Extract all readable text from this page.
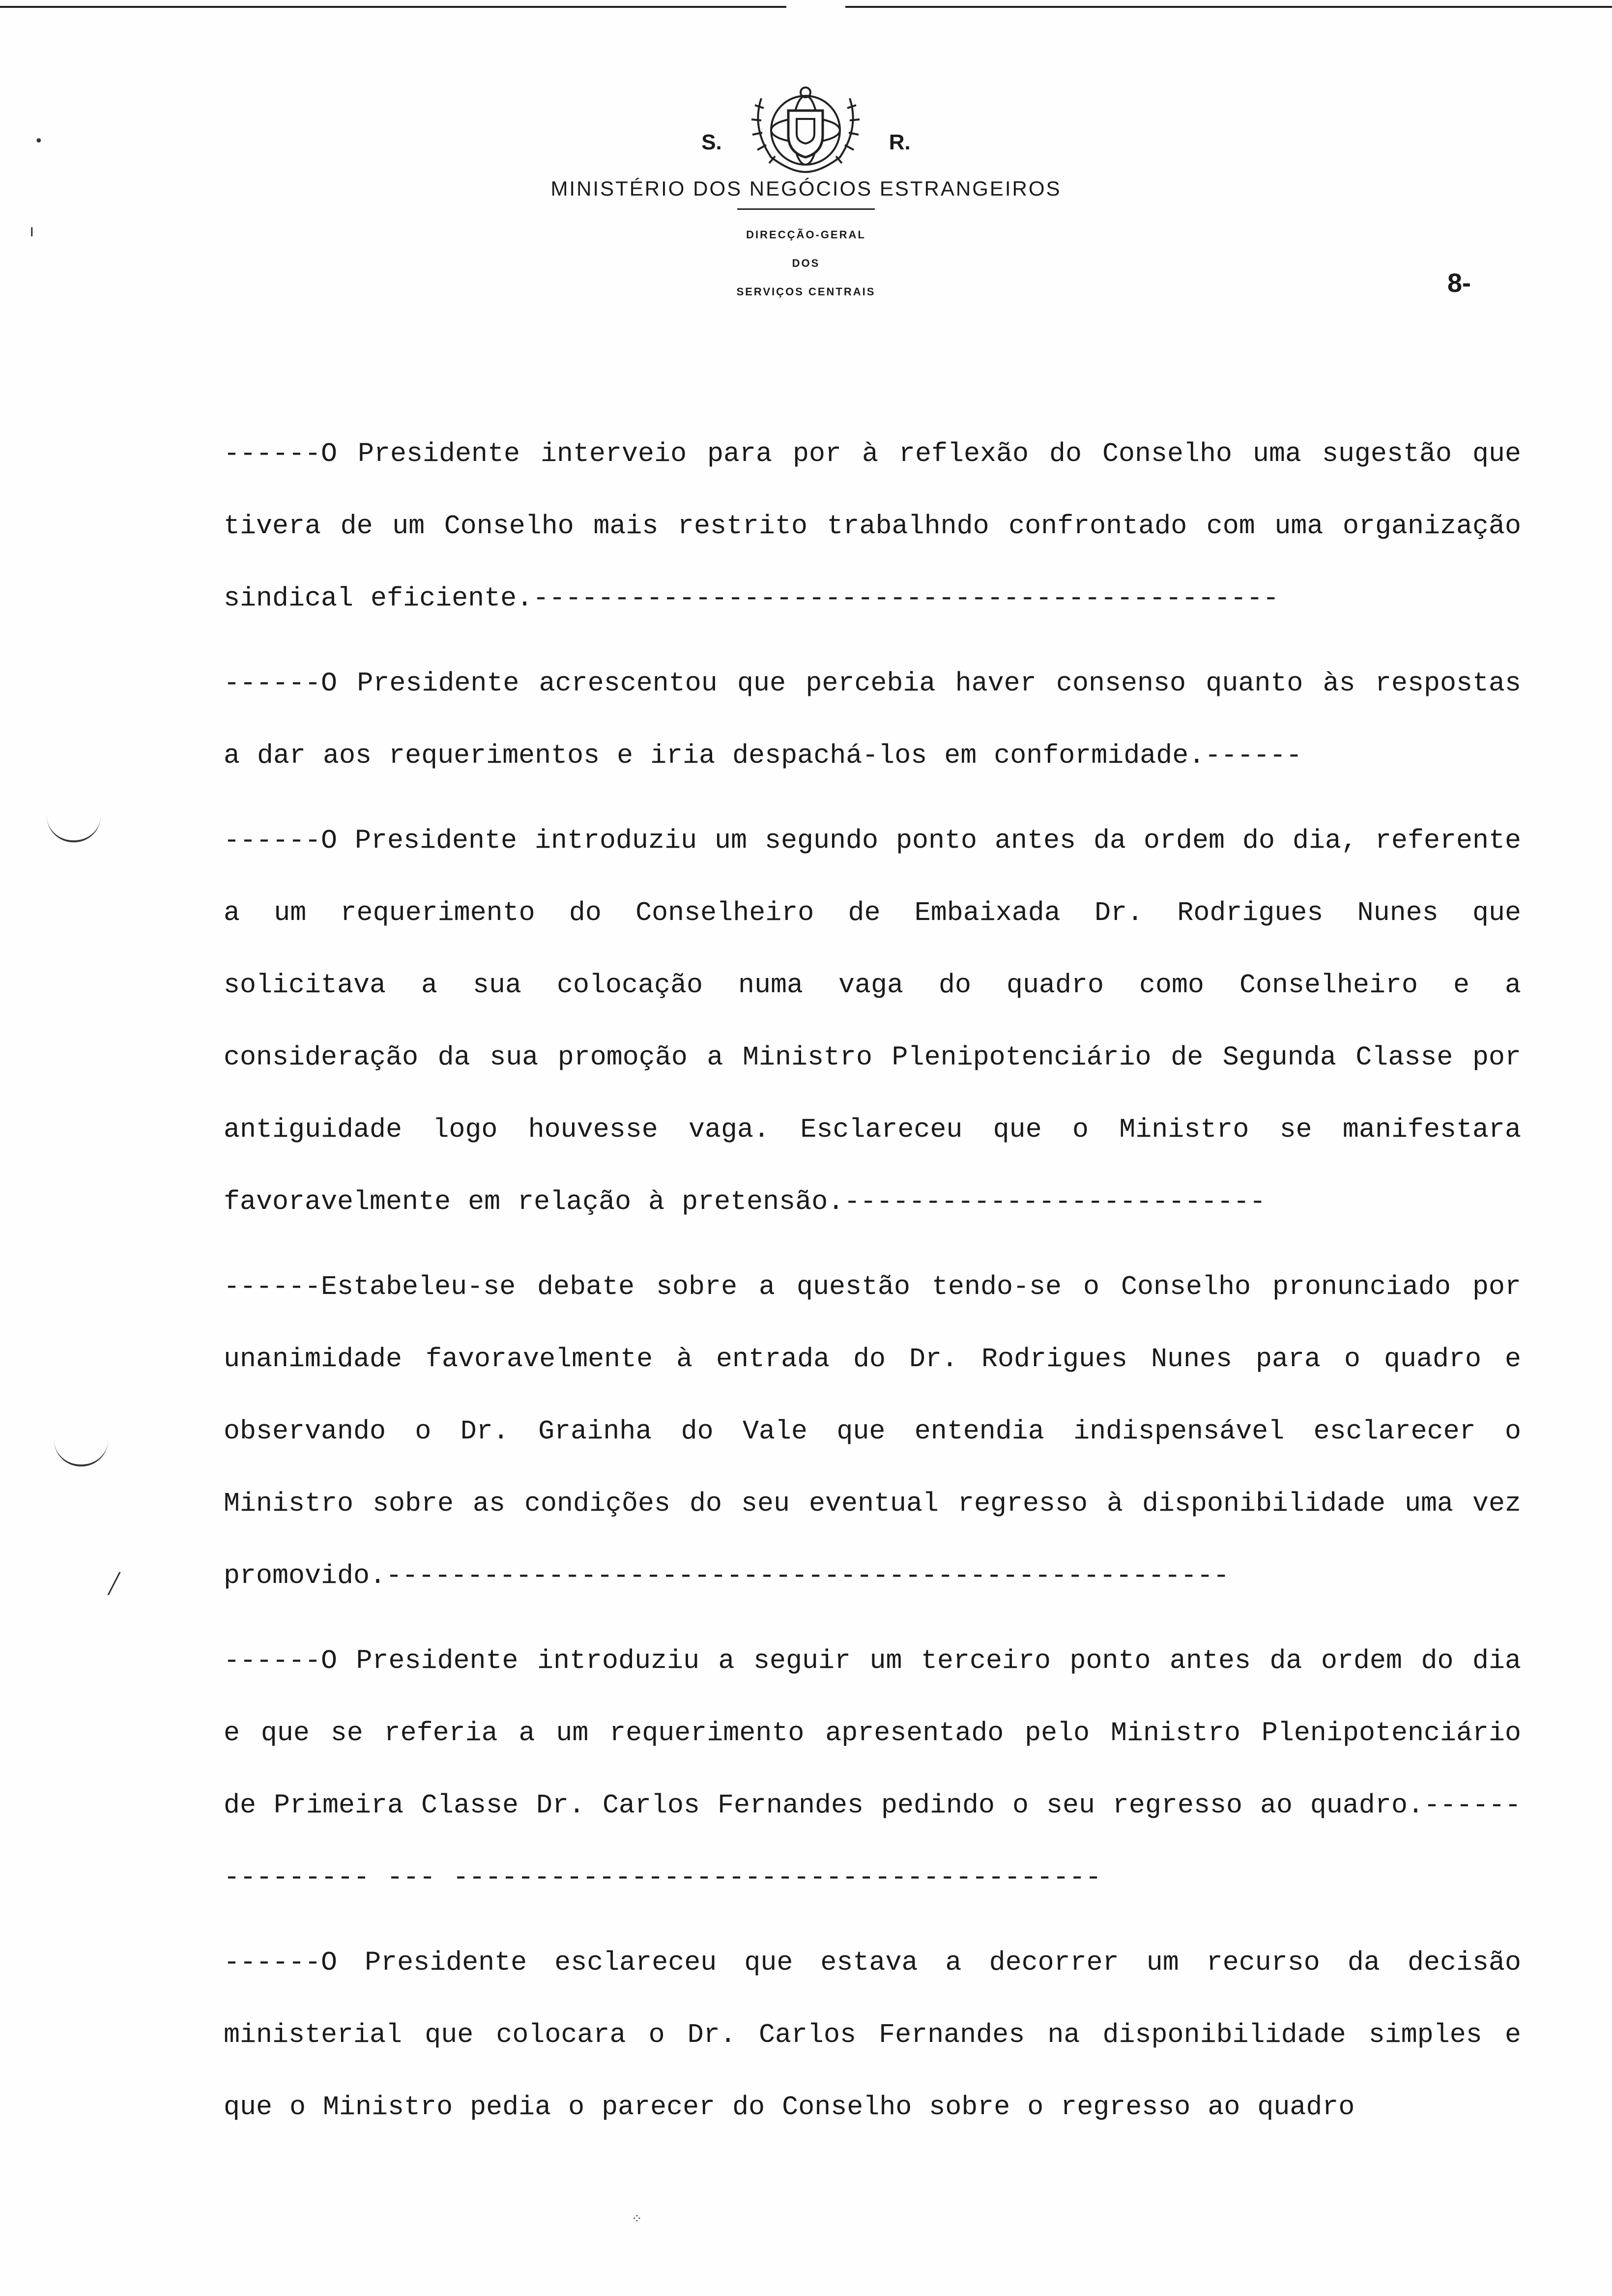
S.	R.
MINISTÉRIO DOS NEGÓCIOS ESTRANGEIROS
DIRECÇÃO-GERAL
DOS
SERVIÇOS CENTRAIS	8-

------O Presidente interveio para por à reflexão do Conselho uma sugestão que tivera de um Conselho mais restrito trabalhndo confrontado com uma organização sindical eficiente.----------------------------------------------

------O Presidente acrescentou que percebia haver consenso quanto às respostas a dar aos requerimentos e iria despachá-los em conformidade.------

------O Presidente introduziu um segundo ponto antes da ordem do dia, referente a um requerimento do Conselheiro de Embaixada Dr. Rodrigues Nunes que solicitava a sua colocação numa vaga do quadro como Conselheiro e a consideração da sua promoção a Ministro Plenipotenciário de Segunda Classe por antiguidade logo houvesse vaga. Esclareceu que o Ministro se manifestara favoravelmente em relação à pretensão.--------------------------

------Estabeleu-se debate sobre a questão tendo-se o Conselho pronunciado por unanimidade favoravelmente à entrada do Dr. Rodrigues Nunes para o quadro e observando o Dr. Grainha do Vale que entendia indispensável esclarecer o Ministro sobre as condições do seu eventual regresso à disponibilidade uma vez promovido.----------------------------------------------------

------O Presidente introduziu a seguir um terceiro ponto antes da ordem do dia e que se referia a um requerimento apresentado pelo Ministro Plenipotenciário de Primeira Classe Dr. Carlos Fernandes pedindo o seu regresso ao quadro.--------------- --- ----------------------------------------

------O Presidente esclareceu que estava a decorrer um recurso da decisão ministerial que colocara o Dr. Carlos Fernandes na disponibilidade simples e que o Ministro pedia o parecer do Conselho sobre o regresso ao quadro

•
ı
╱
⁘
